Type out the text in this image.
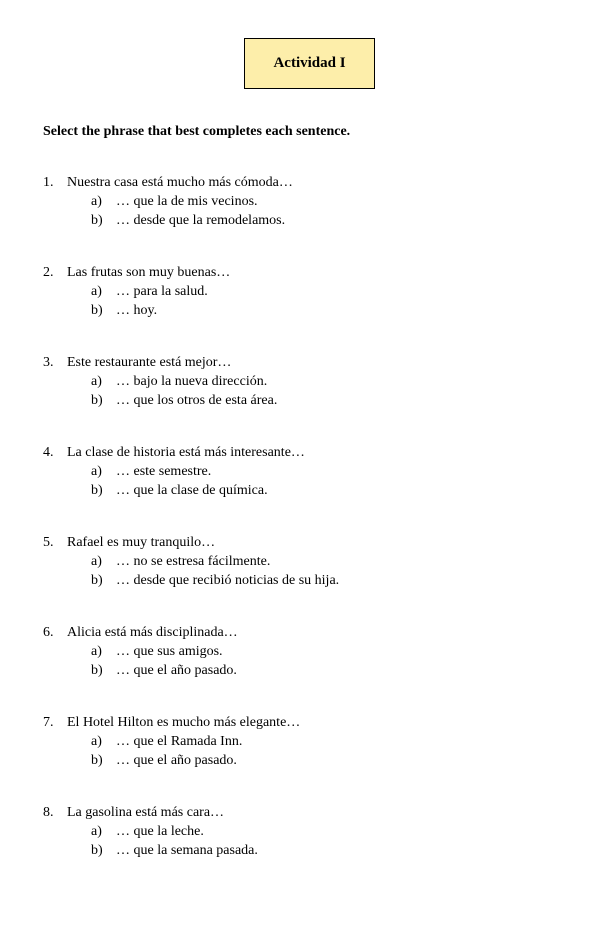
Actividad I
Select the phrase that best completes each sentence.
1. Nuestra casa está mucho más cómoda…
a) … que la de mis vecinos.
b) … desde que la remodelamos.
2. Las frutas son muy buenas…
a) … para la salud.
b) … hoy.
3. Este restaurante está mejor…
a) … bajo la nueva dirección.
b) … que los otros de esta área.
4. La clase de historia está más interesante…
a) … este semestre.
b) … que la clase de química.
5. Rafael es muy tranquilo…
a) … no se estresa fácilmente.
b) … desde que recibió noticias de su hija.
6. Alicia está más disciplinada…
a) … que sus amigos.
b) … que el año pasado.
7. El Hotel Hilton es mucho más elegante…
a) … que el Ramada Inn.
b) … que el año pasado.
8. La gasolina está más cara…
a) … que la leche.
b) … que la semana pasada.
